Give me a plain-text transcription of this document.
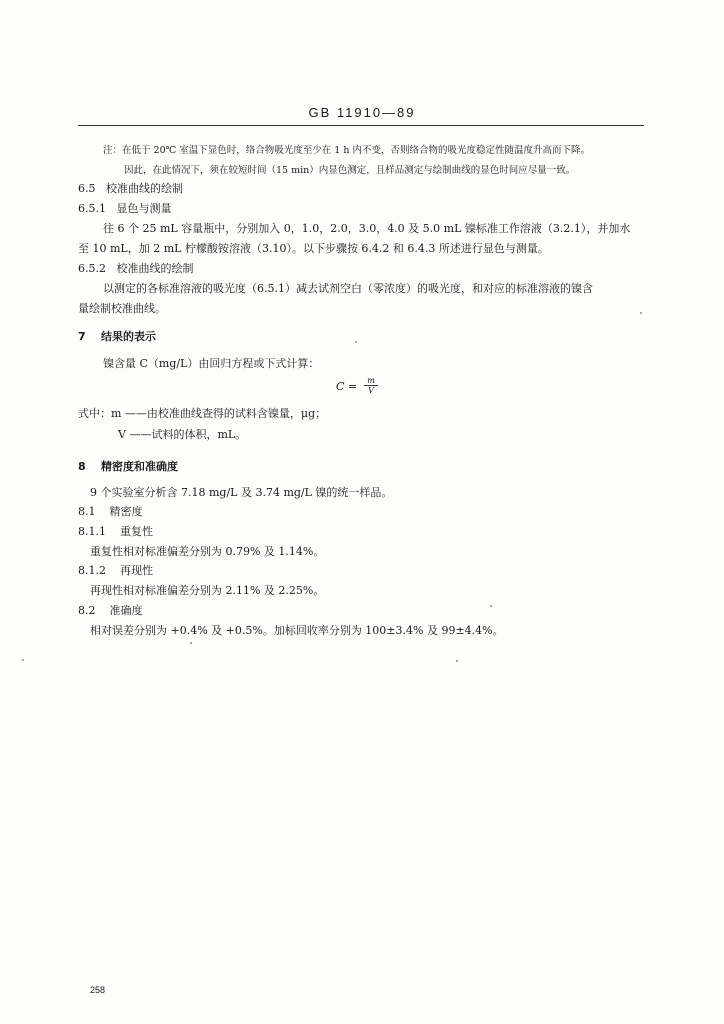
GB 11910—89
注：在低于 20℃ 室温下显色时，络合物吸光度至少在 1 h 内不变，否则络合物的吸光度稳定性随温度升高而下降。
因此，在此情况下，须在较短时间（15 min）内显色测定，且样品测定与绘制曲线的显色时间应尽量一致。
6.5 校准曲线的绘制
6.5.1 显色与测量
往 6 个 25 mL 容量瓶中，分别加入 0，1.0，2.0，3.0，4.0 及 5.0 mL 镍标准工作溶液（3.2.1），并加水
至 10 mL，加 2 mL 柠檬酸铵溶液（3.10）。以下步骤按 6.4.2 和 6.4.3 所述进行显色与测量。
6.5.2 校准曲线的绘制
以测定的各标准溶液的吸光度（6.5.1）减去试剂空白（零浓度）的吸光度，和对应的标准溶液的镍含
量绘制校准曲线。
7 结果的表示
镍含量 C（mg/L）由回归方程或下式计算：
$C = \frac{m}{V}$
式中：m ——由校准曲线查得的试料含镍量，μg；
V ——试料的体积，mL。
8 精密度和准确度
9 个实验室分析含 7.18 mg/L 及 3.74 mg/L 镍的统一样品。
8.1 精密度
8.1.1 重复性
重复性相对标准偏差分别为 0.79% 及 1.14%。
8.1.2 再现性
再现性相对标准偏差分别为 2.11% 及 2.25%。
8.2 准确度
相对误差分别为 +0.4% 及 +0.5%。加标回收率分别为 100±3.4% 及 99±4.4%。
258
